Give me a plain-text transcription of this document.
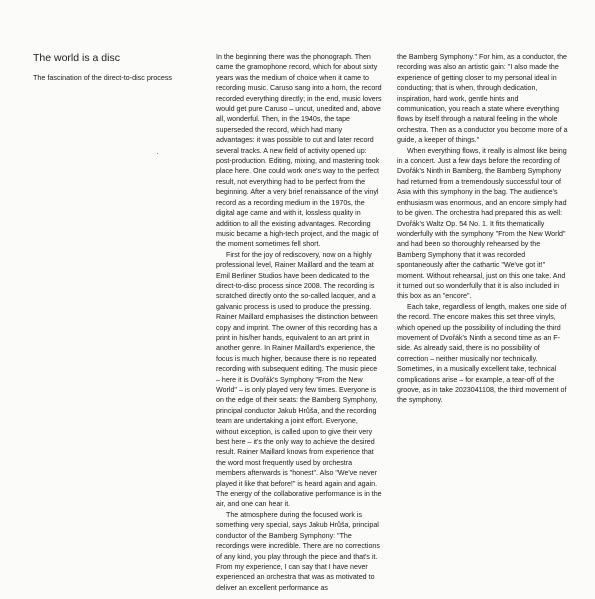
The world is a disc
The fascination of the direct-to-disc process

In the beginning there was the phonograph. Then came the gramophone record, which for about sixty years was the medium of choice when it came to recording music. Caruso sang into a horn, the record recorded everything directly; in the end, music lovers would get pure Caruso – uncut, unedited and, above all, wonderful. Then, in the 1940s, the tape superseded the record, which had many advantages: it was possible to cut and later record several tracks. A new field of activity opened up: post-production. Editing, mixing, and mastering took place here. One could work one's way to the perfect result, not everything had to be perfect from the beginning. After a very brief renaissance of the vinyl record as a recording medium in the 1970s, the digital age came and with it, lossless quality in addition to all the existing advantages. Recording music became a high-tech project, and the magic of the moment sometimes fell short.

First for the joy of rediscovery, now on a highly professional level, Rainer Maillard and the team at Emil Berliner Studios have been dedicated to the direct-to-disc process since 2008. The recording is scratched directly onto the so-called lacquer, and a galvanic process is used to produce the pressing. Rainer Maillard emphasises the distinction between copy and imprint. The owner of this recording has a print in his/her hands, equivalent to an art print in another genre. In Rainer Maillard's experience, the focus is much higher, because there is no repeated recording with subsequent editing. The music piece – here it is Dvořák's Symphony "From the New World" – is only played very few times. Everyone is on the edge of their seats: the Bamberg Symphony, principal conductor Jakub Hrůša, and the recording team are undertaking a joint effort. Everyone, without exception, is called upon to give their very best here – it's the only way to achieve the desired result. Rainer Maillard knows from experience that the word most frequently used by orchestra members afterwards is "honest". Also "We've never played it like that before!" is heard again and again. The energy of the collaborative performance is in the air, and one can hear it.

The atmosphere during the focused work is something very special, says Jakub Hrůša, principal conductor of the Bamberg Symphony: "The recordings were incredible. There are no corrections of any kind, you play through the piece and that's it. From my experience, I can say that I have never experienced an orchestra that was as motivated to deliver an excellent performance as

the Bamberg Symphony." For him, as a conductor, the recording was also an artistic gain: "I also made the experience of getting closer to my personal ideal in conducting; that is when, through dedication, inspiration, hard work, gentle hints and communication, you reach a state where everything flows by itself through a natural feeling in the whole orchestra. Then as a conductor you become more of a guide, a keeper of things."

When everything flows, it really is almost like being in a concert. Just a few days before the recording of Dvořák's Ninth in Bamberg, the Bamberg Symphony had returned from a tremendously successful tour of Asia with this symphony in the bag. The audience's enthusiasm was enormous, and an encore simply had to be given. The orchestra had prepared this as well: Dvořák's Waltz Op. 54 No. 1. It fits thematically wonderfully with the symphony "From the New World" and had been so thoroughly rehearsed by the Bamberg Symphony that it was recorded spontaneously after the cathartic "We've got it!" moment. Without rehearsal, just on this one take. And it turned out so wonderfully that it is also included in this box as an "encore".

Each take, regardless of length, makes one side of the record. The encore makes this set three vinyls, which opened up the possibility of including the third movement of Dvořák's Ninth a second time as an F-side. As already said, there is no possibility of correction – neither musically nor technically. Sometimes, in a musically excellent take, technical complications arise – for example, a tear-off of the groove, as in take 2023041108, the third movement of the symphony.
